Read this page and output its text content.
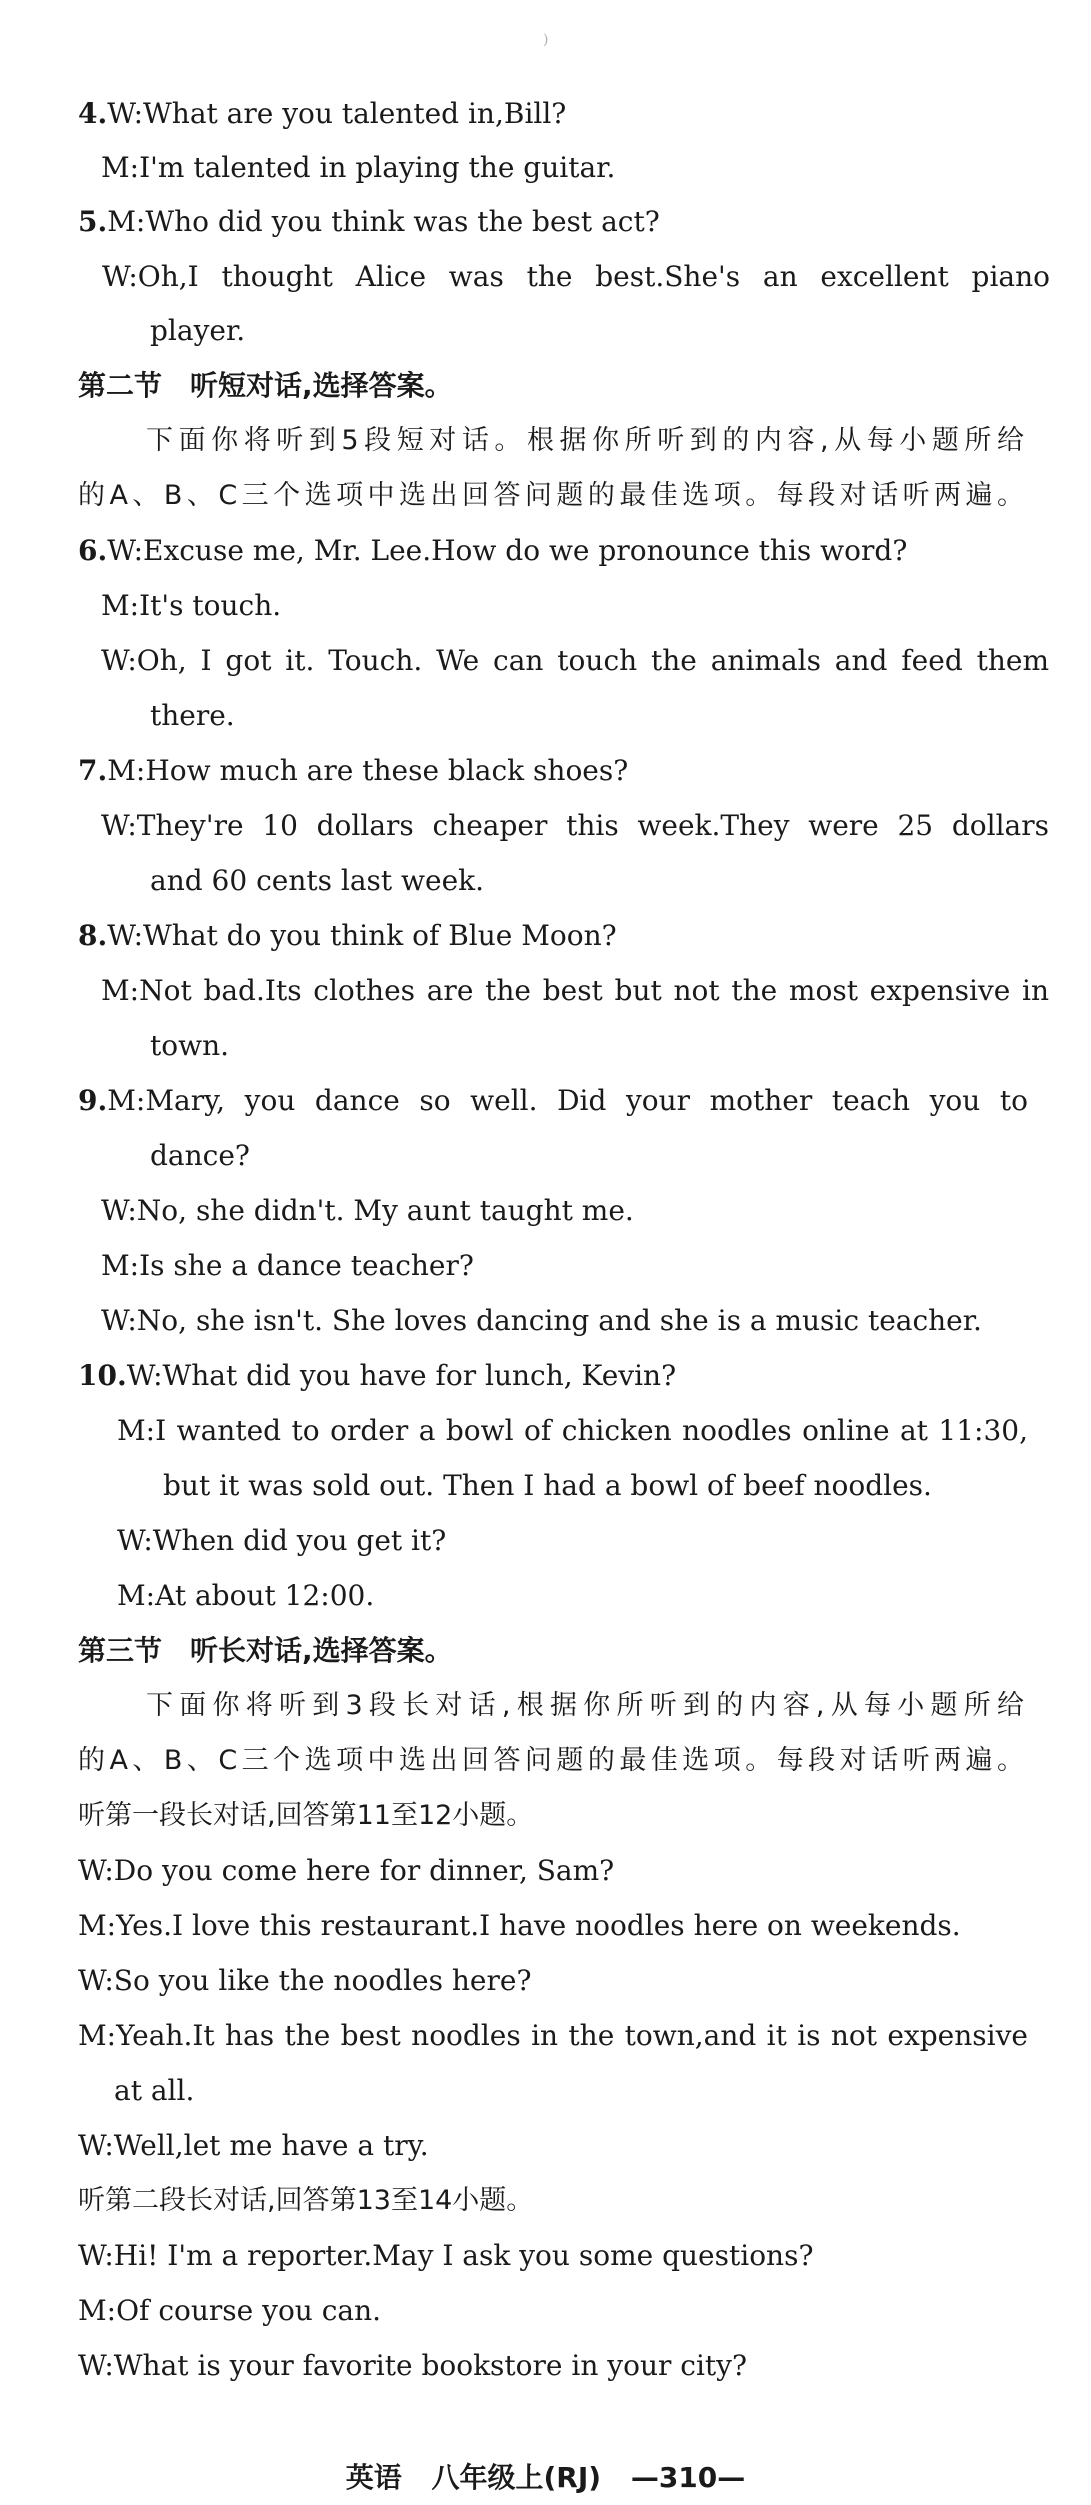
)
4.W:What are you talented in,Bill?
M:I'm talented in playing the guitar.
5.M:Who did you think was the best act?
W:Oh,I thought Alice was the best.She's an excellent piano
player.
第二节　听短对话,选择答案。
下面你将听到5段短对话。根据你所听到的内容,从每小题所给
的A、B、C三个选项中选出回答问题的最佳选项。每段对话听两遍。
6.W:Excuse me, Mr. Lee.How do we pronounce this word?
M:It's touch.
W:Oh, I got it. Touch. We can touch the animals and feed them
there.
7.M:How much are these black shoes?
W:They're 10 dollars cheaper this week.They were 25 dollars
and 60 cents last week.
8.W:What do you think of Blue Moon?
M:Not bad.Its clothes are the best but not the most expensive in
town.
9.M:Mary, you dance so well. Did your mother teach you to
dance?
W:No, she didn't. My aunt taught me.
M:Is she a dance teacher?
W:No, she isn't. She loves dancing and she is a music teacher.
10.W:What did you have for lunch, Kevin?
M:I wanted to order a bowl of chicken noodles online at 11:30,
but it was sold out. Then I had a bowl of beef noodles.
W:When did you get it?
M:At about 12:00.
第三节　听长对话,选择答案。
下面你将听到3段长对话,根据你所听到的内容,从每小题所给
的A、B、C三个选项中选出回答问题的最佳选项。每段对话听两遍。
听第一段长对话,回答第11至12小题。
W:Do you come here for dinner, Sam?
M:Yes.I love this restaurant.I have noodles here on weekends.
W:So you like the noodles here?
M:Yeah.It has the best noodles in the town,and it is not expensive
at all.
W:Well,let me have a try.
听第二段长对话,回答第13至14小题。
W:Hi! I'm a reporter.May I ask you some questions?
M:Of course you can.
W:What is your favorite bookstore in your city?
英语 八年级上(RJ) —310—
